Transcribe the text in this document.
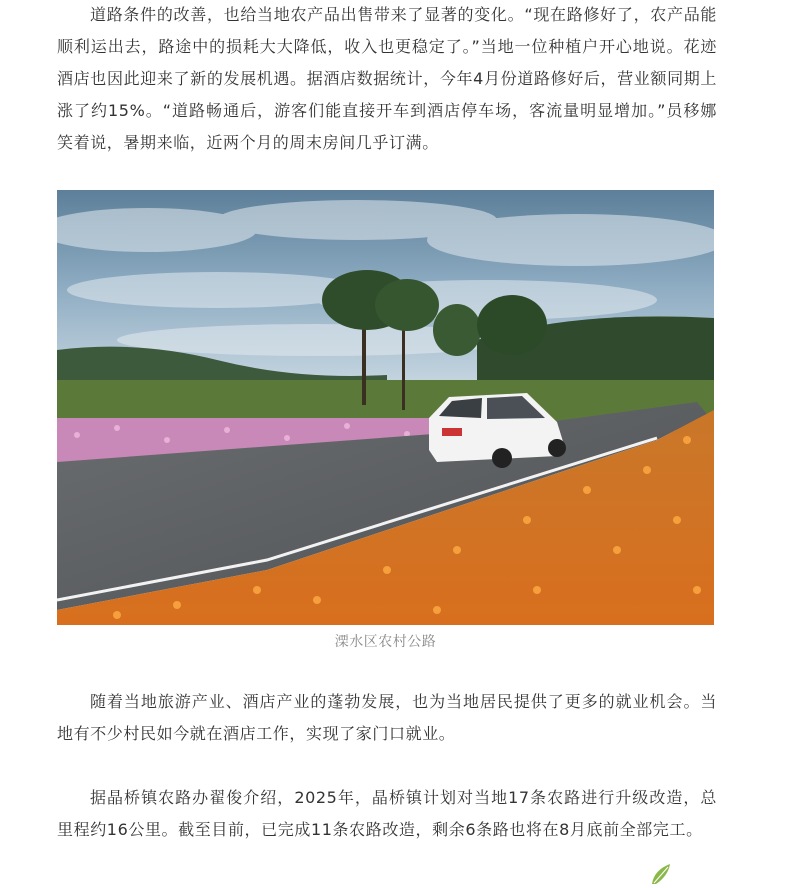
道路条件的改善，也给当地农产品出售带来了显著的变化。“现在路修好了，农产品能顺利运出去，路途中的损耗大大降低，收入也更稳定了。”当地一位种植户开心地说。花迹酒店也因此迎来了新的发展机遇。据酒店数据统计，今年4月份道路修好后，营业额同期上涨了约15%。“道路畅通后，游客们能直接开车到酒店停车场，客流量明显增加。”员移娜笑着说，暑期来临，近两个月的周末房间几乎订满。

溧水区农村公路

随着当地旅游产业、酒店产业的蓬勃发展，也为当地居民提供了更多的就业机会。当地有不少村民如今就在酒店工作，实现了家门口就业。

据晶桥镇农路办翟俊介绍，2025年，晶桥镇计划对当地17条农路进行升级改造，总里程约16公里。截至目前，已完成11条农路改造，剩余6条路也将在8月底前全部完工。
